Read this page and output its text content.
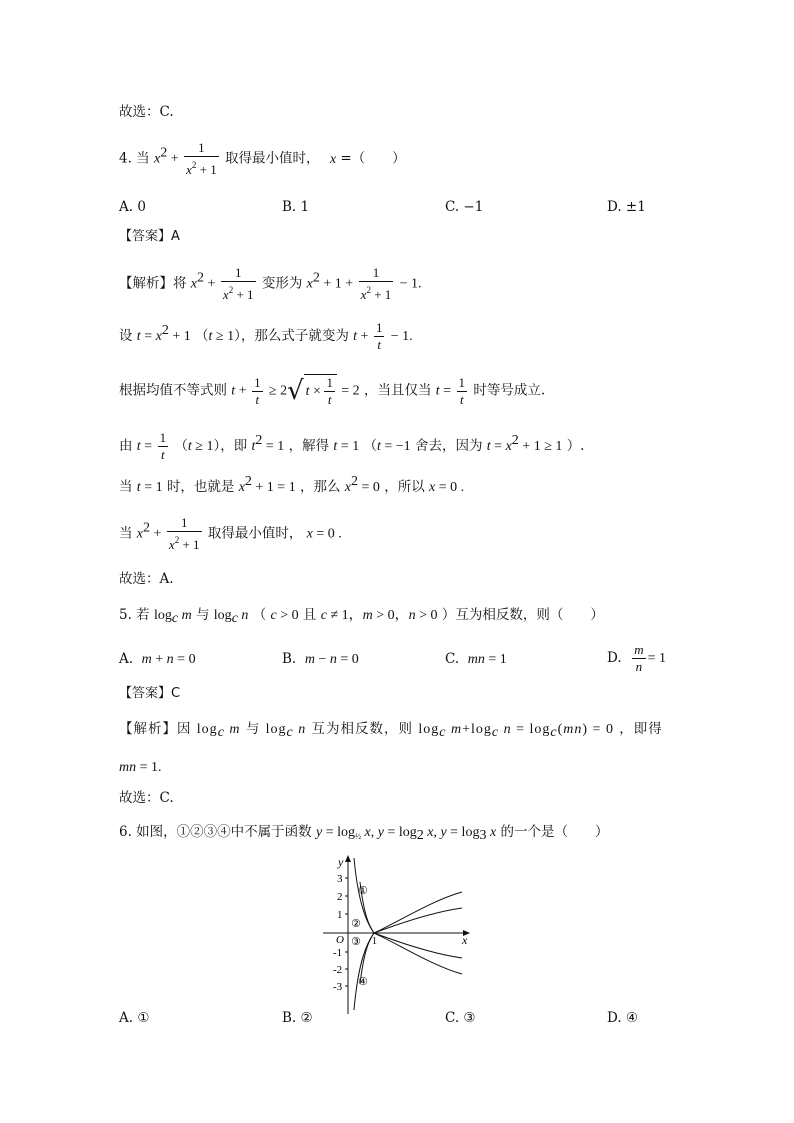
故选：C.
4. 当 $x^2 + \frac{1}{x^2 + 1}$ 取得最小值时， x =（　　）
A. 0	B. 1	C. −1	D. ±1
【答案】A
【解析】将 $x^2 + \frac{1}{x^2 + 1}$ 变形为 $x^2 + 1 + \frac{1}{x^2 + 1} - 1$.
设 $t = x^2 + 1$ （t ≥ 1），那么式子就变为 $t + \frac{1}{t} - 1$.
根据均值不等式则 $t + \frac{1}{t} \ge 2√$ $t \times \frac{1}{t} = 2$ ，当且仅当 $t = \frac{1}{t}$ 时等号成立.
由 $t = \frac{1}{t} (t \ge 1)$，即 $t^2 = 1$ ，解得 t = 1 （t = −1 舍去，因为 $t = x^2 + 1 \ge 1$ ）.
当 t = 1 时，也就是 $x^2 + 1 = 1$ ，那么 $x^2 = 0$ ，所以 x = 0 .
当 $x^2 + \frac{1}{x^2 + 1}$ 取得最小值时， x = 0 .
故选：A.
5. 若 $\log_c m$ 与 $\log_c n$ （ c > 0 且 c ≠ 1，m > 0，n > 0 ）互为相反数，则（　　）
A. m + n = 0	B. m − n = 0	C. mn = 1	D. $\frac{m}{n} = 1$
【答案】C
【解析】因 $\log_c m$ 与 $\log_c n$ 互为相反数，则 $\log_c m+\log_c$ $n = \log_c(mn) = 0$ ，即得
mn = 1.
故选：C.
6. 如图，①②③④中不属于函数 $y = \log_{\frac{1}{2}} x$, $y = \log_2 x$, $y = \log_3 x$ 的一个是（　　）
x
y
O	1
3
2
1
-1
-2
-3
①
②
③
④
A. ①	B. ②	C. ③	D. ④
